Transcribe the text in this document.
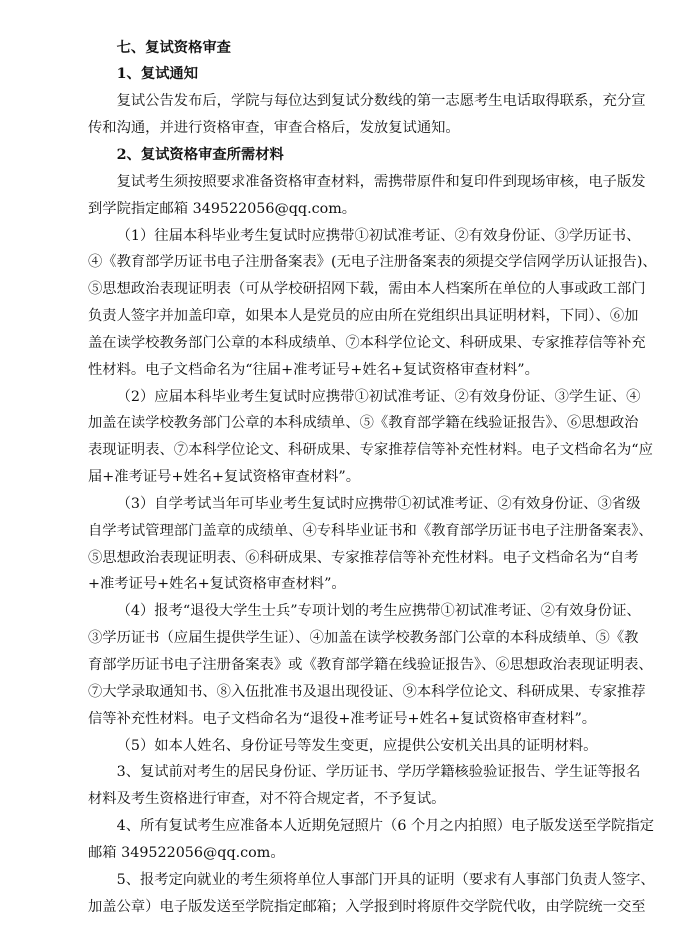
七、复试资格审查
1、复试通知
复试公告发布后，学院与每位达到复试分数线的第一志愿考生电话取得联系，充分宣
传和沟通，并进行资格审查，审查合格后，发放复试通知。
2、复试资格审查所需材料
复试考生须按照要求准备资格审查材料，需携带原件和复印件到现场审核，电子版发
到学院指定邮箱 349522056@qq.com。
（1）往届本科毕业考生复试时应携带①初试准考证、②有效身份证、③学历证书、
④《教育部学历证书电子注册备案表》(无电子注册备案表的须提交学信网学历认证报告)、
⑤思想政治表现证明表（可从学校研招网下载，需由本人档案所在单位的人事或政工部门
负责人签字并加盖印章，如果本人是党员的应由所在党组织出具证明材料，下同）、⑥加
盖在读学校教务部门公章的本科成绩单、⑦本科学位论文、科研成果、专家推荐信等补充
性材料。电子文档命名为“往届+准考证号+姓名+复试资格审查材料”。
（2）应届本科毕业考生复试时应携带①初试准考证、②有效身份证、③学生证、④
加盖在读学校教务部门公章的本科成绩单、⑤《教育部学籍在线验证报告》、⑥思想政治
表现证明表、⑦本科学位论文、科研成果、专家推荐信等补充性材料。电子文档命名为“应
届+准考证号+姓名+复试资格审查材料”。
（3）自学考试当年可毕业考生复试时应携带①初试准考证、②有效身份证、③省级
自学考试管理部门盖章的成绩单、④专科毕业证书和《教育部学历证书电子注册备案表》、
⑤思想政治表现证明表、⑥科研成果、专家推荐信等补充性材料。电子文档命名为“自考
+准考证号+姓名+复试资格审查材料”。
（4）报考“退役大学生士兵”专项计划的考生应携带①初试准考证、②有效身份证、
③学历证书（应届生提供学生证）、④加盖在读学校教务部门公章的本科成绩单、⑤《教
育部学历证书电子注册备案表》或《教育部学籍在线验证报告》、⑥思想政治表现证明表、
⑦大学录取通知书、⑧入伍批准书及退出现役证、⑨本科学位论文、科研成果、专家推荐
信等补充性材料。电子文档命名为“退役+准考证号+姓名+复试资格审查材料”。
（5）如本人姓名、身份证号等发生变更，应提供公安机关出具的证明材料。
3、复试前对考生的居民身份证、学历证书、学历学籍核验验证报告、学生证等报名
材料及考生资格进行审查，对不符合规定者，不予复试。
4、所有复试考生应准备本人近期免冠照片（6 个月之内拍照）电子版发送至学院指定
邮箱 349522056@qq.com。
5、报考定向就业的考生须将单位人事部门开具的证明（要求有人事部门负责人签字、
加盖公章）电子版发送至学院指定邮箱；入学报到时将原件交学院代收，由学院统一交至
